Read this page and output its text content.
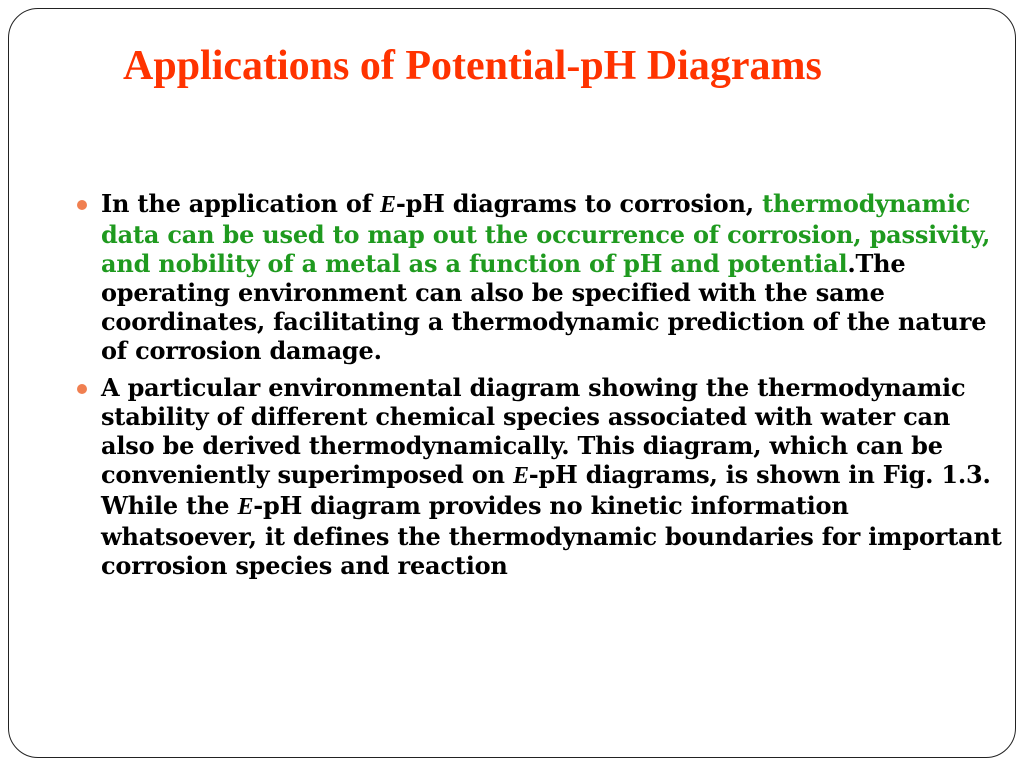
Applications of Potential-pH Diagrams
In the application of E-pH diagrams to corrosion, thermodynamic data can be used to map out the occurrence of corrosion, passivity, and nobility of a metal as a function of pH and potential.The operating environment can also be specified with the same coordinates, facilitating a thermodynamic prediction of the nature of corrosion damage.
A particular environmental diagram showing the thermodynamic stability of different chemical species associated with water can also be derived thermodynamically. This diagram, which can be conveniently superimposed on E-pH diagrams, is shown in Fig. 1.3. While the E-pH diagram provides no kinetic information whatsoever, it defines the thermodynamic boundaries for important corrosion species and reaction
